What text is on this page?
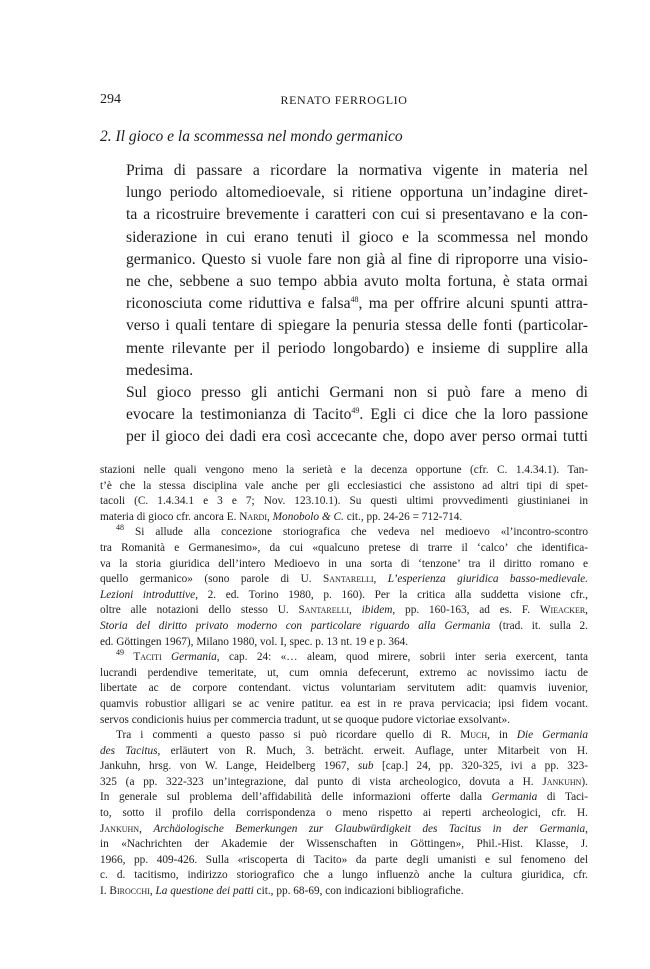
294	RENATO FERROGLIO
2. Il gioco e la scommessa nel mondo germanico

Prima di passare a ricordare la normativa vigente in materia nel
lungo periodo altomedioevale, si ritiene opportuna un’indagine diret-
ta a ricostruire brevemente i caratteri con cui si presentavano e la con-
siderazione in cui erano tenuti il gioco e la scommessa nel mondo
germanico. Questo si vuole fare non già al fine di riproporre una visio-
ne che, sebbene a suo tempo abbia avuto molta fortuna, è stata ormai
riconosciuta come riduttiva e falsa$^{48}$, ma per offrire alcuni spunti attra-
verso i quali tentare di spiegare la penuria stessa delle fonti (particolar-
mente rilevante per il periodo longobardo) e insieme di supplire alla
medesima.

Sul gioco presso gli antichi Germani non si può fare a meno di
evocare la testimonianza di Tacito$^{49}$. Egli ci dice che la loro passione
per il gioco dei dadi era così accecante che, dopo aver perso ormai tutti

stazioni nelle quali vengono meno la serietà e la decenza opportune (cfr. C. 1.4.34.1). Tan-
t’è che la stessa disciplina vale anche per gli ecclesiastici che assistono ad altri tipi di spet-
tacoli (C. 1.4.34.1 e 3 e 7; Nov. 123.10.1). Su questi ultimi provvedimenti giustinianei in
materia di gioco cfr. ancora E. Nardi, Monobolo & C. cit., pp. 24-26 = 712-714.
$^{48}$ Si allude alla concezione storiografica che vedeva nel medioevo «l’incontro-scontro
tra Romanità e Germanesimo», da cui «qualcuno pretese di trarre il ‘calco’ che identifica-
va la storia giuridica dell’intero Medioevo in una sorta di ‘tenzone’ tra il diritto romano e
quello germanico» (sono parole di U. Santarelli, L’esperienza giuridica basso-medievale.
Lezioni introduttive, 2. ed. Torino 1980, p. 160). Per la critica alla suddetta visione cfr.,
oltre alle notazioni dello stesso U. Santarelli, ibidem, pp. 160-163, ad es. F. Wieacker,
Storia del diritto privato moderno con particolare riguardo alla Germania (trad. it. sulla 2.
ed. Göttingen 1967), Milano 1980, vol. I, spec. p. 13 nt. 19 e p. 364.
$^{49}$ Taciti Germania, cap. 24: «… aleam, quod mirere, sobrii inter seria exercent, tanta
lucrandi perdendive temeritate, ut, cum omnia defecerunt, extremo ac novissimo iactu de
libertate ac de corpore contendant. victus voluntariam servitutem adit: quamvis iuvenior,
quamvis robustior alligari se ac venire patitur. ea est in re prava pervicacia; ipsi fidem vocant.
servos condicionis huius per commercia tradunt, ut se quoque pudore victoriae exsolvant».
Tra i commenti a questo passo si può ricordare quello di R. Much, in Die Germania
des Tacitus, erläutert von R. Much, 3. beträcht. erweit. Auflage, unter Mitarbeit von H.
Jankuhn, hrsg. von W. Lange, Heidelberg 1967, sub [cap.] 24, pp. 320-325, ivi a pp. 323-
325 (a pp. 322-323 un’integrazione, dal punto di vista archeologico, dovuta a H. Jankuhn).
In generale sul problema dell’affidabilità delle informazioni offerte dalla Germania di Taci-
to, sotto il profilo della corrispondenza o meno rispetto ai reperti archeologici, cfr. H.
Jankuhn, Archäologische Bemerkungen zur Glaubwürdigkeit des Tacitus in der Germania,
in «Nachrichten der Akademie der Wissenschaften in Göttingen», Phil.-Hist. Klasse, J.
1966, pp. 409-426. Sulla «riscoperta di Tacito» da parte degli umanisti e sul fenomeno del
c. d. tacitismo, indirizzo storiografico che a lungo influenzò anche la cultura giuridica, cfr.
I. Birocchi, La questione dei patti cit., pp. 68-69, con indicazioni bibliografiche.
